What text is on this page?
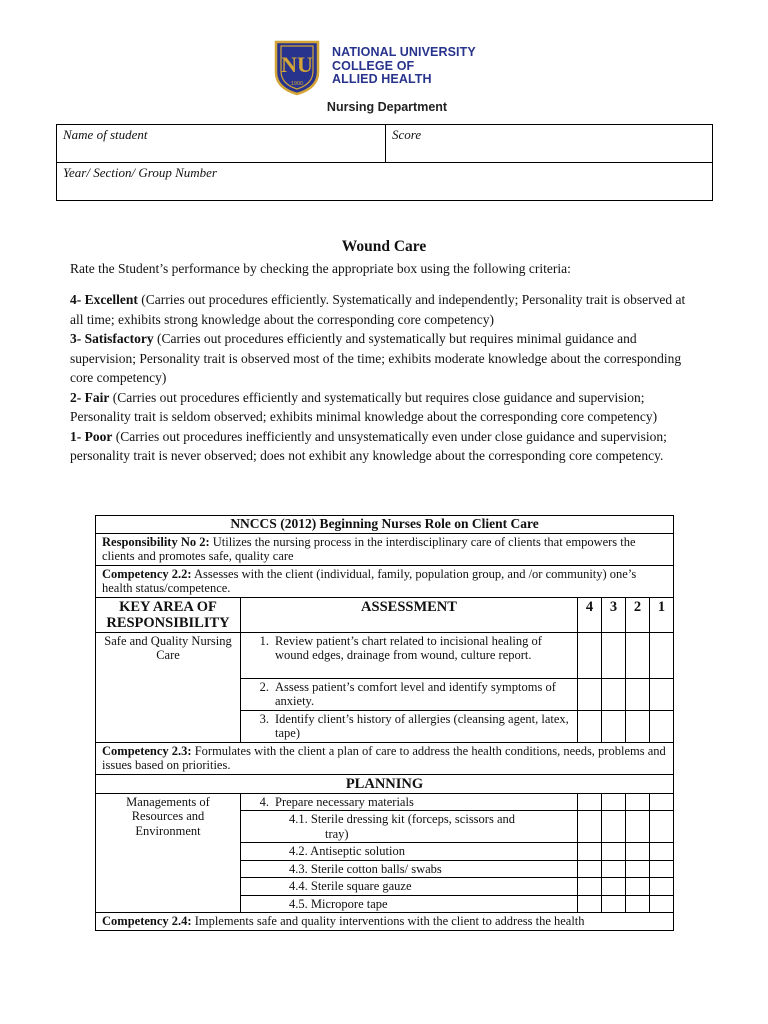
NU
1900
NATIONAL UNIVERSITY
COLLEGE OF
ALLIED HEALTH
Nursing Department
Name of student	Score
Year/ Section/ Group Number
Wound Care
Rate the Student’s performance by checking the appropriate box using the following criteria:

4- Excellent (Carries out procedures efficiently. Systematically and independently; Personality trait is observed at all time; exhibits strong knowledge about the corresponding core competency)

3- Satisfactory (Carries out procedures efficiently and systematically but requires minimal guidance and supervision; Personality trait is observed most of the time; exhibits moderate knowledge about the corresponding core competency)

2- Fair (Carries out procedures efficiently and systematically but requires close guidance and supervision; Personality trait is seldom observed; exhibits minimal knowledge about the corresponding core competency)

1- Poor (Carries out procedures inefficiently and unsystematically even under close guidance and supervision; personality trait is never observed; does not exhibit any knowledge about the corresponding core competency.

NNCCS (2012) Beginning Nurses Role on Client Care					
Responsibility No 2: Utilizes the nursing process in the interdisciplinary care of clients that empowers the clients and promotes safe, quality care					
Competency 2.2: Assesses with the client (individual, family, population group, and /or community) one’s health status/competence.					
KEY AREA OF RESPONSIBILITY	ASSESSMENT	4	3	2	1
Safe and Quality Nursing Care	1. Review patient’s chart related to incisional healing of wound edges, drainage from wound, culture report.				

	2. Assess patient’s comfort level and identify symptoms of anxiety.				

	3. Identify client’s history of allergies (cleansing agent, latex, tape)				

Competency 2.3: Formulates with the client a plan of care to address the health conditions, needs, problems and issues based on priorities.					
PLANNING					
Managements of Resources and Environment	4. Prepare necessary materials				

	4.1. Sterile dressing kit (forceps, scissors and
tray)				

	4.2. Antiseptic solution				

	4.3. Sterile cotton balls/ swabs				

	4.4. Sterile square gauze				

	4.5. Micropore tape				

Competency 2.4: Implements safe and quality interventions with the client to address the health					
